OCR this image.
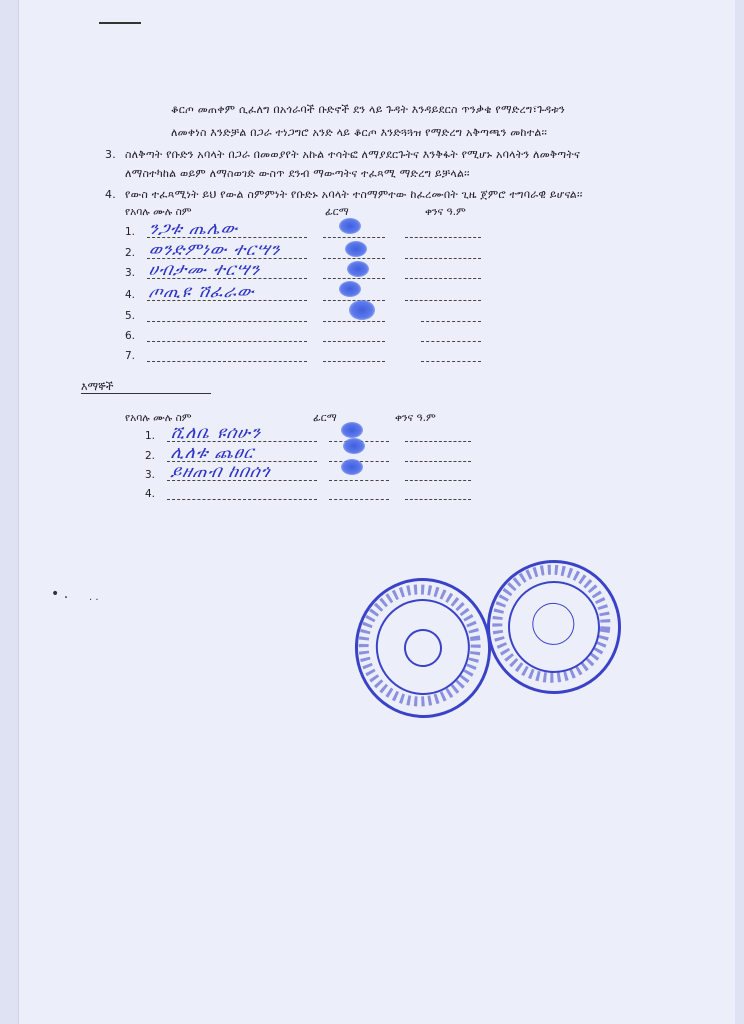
ቆርጦ መጠቀም ሲፈለግ በአጎራባች ቡድኖች ደን ላይ ጉዳት እንዳይደርስ ጥንቃቄ የማድረግ፣ጉዳቱን
ለመቀነስ እንድቻል በጋራ ተነጋግሮ አንድ ላይ ቆርጦ እንድጓጓዝ የማድረግ አቅጣጫን መከተል፡፡
3. ስለቅጣት የቡድን አባላት በጋራ በመወያየት አኩል ተሳትፎ ለማያደርጉትና እንቅፋት የሚሆኑ አባላትን ለመቅጣትና
ለማስተካከል ወይም ለማስወገድ ውስጥ ደንብ ማውጣትና ተፈጻሚ ማድረግ ይቻላል፡፡
4. የውስ ተፈጻሚነት ይህ የውል ስምምነት የቡድኑ አባላት ተስማምተው ከፈረሙበት ጊዜ ጀምሮ ተግባራዊ ይሆናል፡፡
የአባሉ ሙሉ ስም	ፊርማ	ቀንና ዓ.ም
1. ንጋቱ ጤሌው
2. ወንድምነው ተርሣን
3. ሀብታሙ ተርሣን
4. ጦጢዩ ሽፈራው
5.
6.
7.
እማኞች
የአባሉ ሙሉ ስም	ፊርማ	ቀንና ዓ.ም
1. ሺለቤ ዩሰሁን
2. ሊለቱ ጨፀር
3. ይዘጠብ ከበሰጎ
4.
• . . .
